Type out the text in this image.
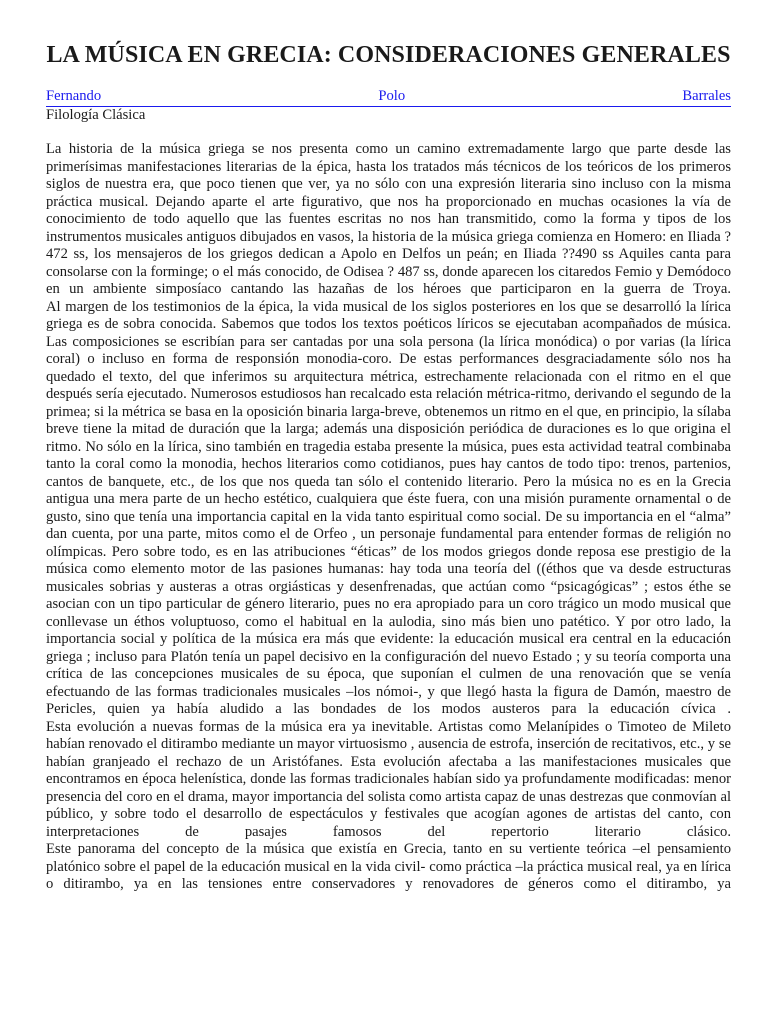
LA MÚSICA EN GRECIA: CONSIDERACIONES GENERALES
Fernando	Polo	Barrales
Filología Clásica

La historia de la música griega se nos presenta como un camino extremadamente largo que parte desde las primerísimas manifestaciones literarias de la épica, hasta los tratados más técnicos de los teóricos de los primeros siglos de nuestra era, que poco tienen que ver, ya no sólo con una expresión literaria sino incluso con la misma práctica musical. Dejando aparte el arte figurativo, que nos ha proporcionado en muchas ocasiones la vía de conocimiento de todo aquello que las fuentes escritas no nos han transmitido, como la forma y tipos de los instrumentos musicales antiguos dibujados en vasos, la historia de la música griega comienza en Homero: en Iliada ? 472 ss, los mensajeros de los griegos dedican a Apolo en Delfos un peán; en Iliada ??490 ss Aquiles canta para consolarse con la forminge; o el más conocido, de Odisea ? 487 ss, donde aparecen los citaredos Femio y Demódoco en un ambiente simposíaco cantando las hazañas de los héroes que participaron en la guerra de Troya.

Al margen de los testimonios de la épica, la vida musical de los siglos posteriores en los que se desarrolló la lírica griega es de sobra conocida. Sabemos que todos los textos poéticos líricos se ejecutaban acompañados de música. Las composiciones se escribían para ser cantadas por una sola persona (la lírica monódica) o por varias (la lírica coral) o incluso en forma de responsión monodia-coro. De estas performances desgraciadamente sólo nos ha quedado el texto, del que inferimos su arquitectura métrica, estrechamente relacionada con el ritmo en el que después sería ejecutado. Numerosos estudiosos han recalcado esta relación métrica-ritmo, derivando el segundo de la primea; si la métrica se basa en la oposición binaria larga-breve, obtenemos un ritmo en el que, en principio, la sílaba breve tiene la mitad de duración que la larga; además una disposición periódica de duraciones es lo que origina el ritmo. No sólo en la lírica, sino también en tragedia estaba presente la música, pues esta actividad teatral combinaba tanto la coral como la monodia, hechos literarios como cotidianos, pues hay cantos de todo tipo: trenos, partenios, cantos de banquete, etc., de los que nos queda tan sólo el contenido literario. Pero la música no es en la Grecia antigua una mera parte de un hecho estético, cualquiera que éste fuera, con una misión puramente ornamental o de gusto, sino que tenía una importancia capital en la vida tanto espiritual como social. De su importancia en el “alma” dan cuenta, por una parte, mitos como el de Orfeo , un personaje fundamental para entender formas de religión no olímpicas. Pero sobre todo, es en las atribuciones “éticas” de los modos griegos donde reposa ese prestigio de la música como elemento motor de las pasiones humanas: hay toda una teoría del ((éthos que va desde estructuras musicales sobrias y austeras a otras orgiásticas y desenfrenadas, que actúan como “psicagógicas” ; estos éthe se asocian con un tipo particular de género literario, pues no era apropiado para un coro trágico un modo musical que conllevase un éthos voluptuoso, como el habitual en la aulodia, sino más bien uno patético. Y por otro lado, la importancia social y política de la música era más que evidente: la educación musical era central en la educación griega ; incluso para Platón tenía un papel decisivo en la configuración del nuevo Estado ; y su teoría comporta una crítica de las concepciones musicales de su época, que suponían el culmen de una renovación que se venía efectuando de las formas tradicionales musicales –los nómoi-, y que llegó hasta la figura de Damón, maestro de Pericles, quien ya había aludido a las bondades de los modos austeros para la educación cívica .

Esta evolución a nuevas formas de la música era ya inevitable. Artistas como Melanípides o Timoteo de Mileto habían renovado el ditirambo mediante un mayor virtuosismo , ausencia de estrofa, inserción de recitativos, etc., y se habían granjeado el rechazo de un Aristófanes. Esta evolución afectaba a las manifestaciones musicales que encontramos en época helenística, donde las formas tradicionales habían sido ya profundamente modificadas: menor presencia del coro en el drama, mayor importancia del solista como artista capaz de unas destrezas que conmovían al público, y sobre todo el desarrollo de espectáculos y festivales que acogían agones de artistas del canto, con interpretaciones de pasajes famosos del repertorio literario clásico.

Este panorama del concepto de la música que existía en Grecia, tanto en su vertiente teórica –el pensamiento platónico sobre el papel de la educación musical en la vida civil- como práctica –la práctica musical real, ya en lírica o ditirambo, ya en las tensiones entre conservadores y renovadores de géneros como el ditirambo, ya
